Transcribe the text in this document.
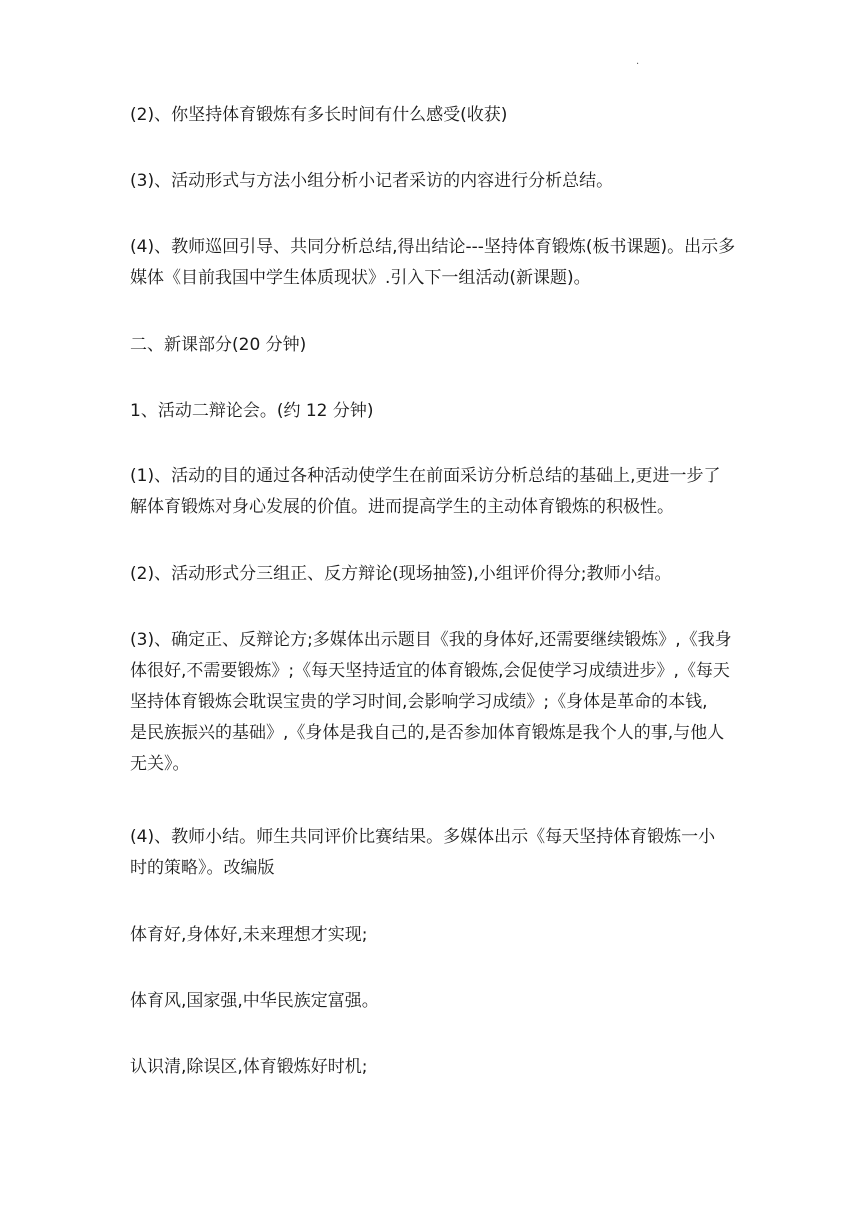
.

(2)、你坚持体育锻炼有多长时间有什么感受(收获)

(3)、活动形式与方法小组分析小记者采访的内容进行分析总结。

(4)、教师巡回引导、共同分析总结,得出结论---坚持体育锻炼(板书课题)。出示多
媒体《目前我国中学生体质现状》.引入下一组活动(新课题)。

二、新课部分(20 分钟)

1、活动二辩论会。(约 12 分钟)

(1)、活动的目的通过各种活动使学生在前面采访分析总结的基础上,更进一步了
解体育锻炼对身心发展的价值。进而提高学生的主动体育锻炼的积极性。

(2)、活动形式分三组正、反方辩论(现场抽签),小组评价得分;教师小结。

(3)、确定正、反辩论方;多媒体出示题目《我的身体好,还需要继续锻炼》,《我身
体很好,不需要锻炼》;《每天坚持适宜的体育锻炼,会促使学习成绩进步》,《每天
坚持体育锻炼会耽误宝贵的学习时间,会影响学习成绩》;《身体是革命的本钱,
是民族振兴的基础》,《身体是我自己的,是否参加体育锻炼是我个人的事,与他人
无关》。

(4)、教师小结。师生共同评价比赛结果。多媒体出示《每天坚持体育锻炼一小
时的策略》。改编版

体育好,身体好,未来理想才实现;

体育风,国家强,中华民族定富强。

认识清,除误区,体育锻炼好时机;
